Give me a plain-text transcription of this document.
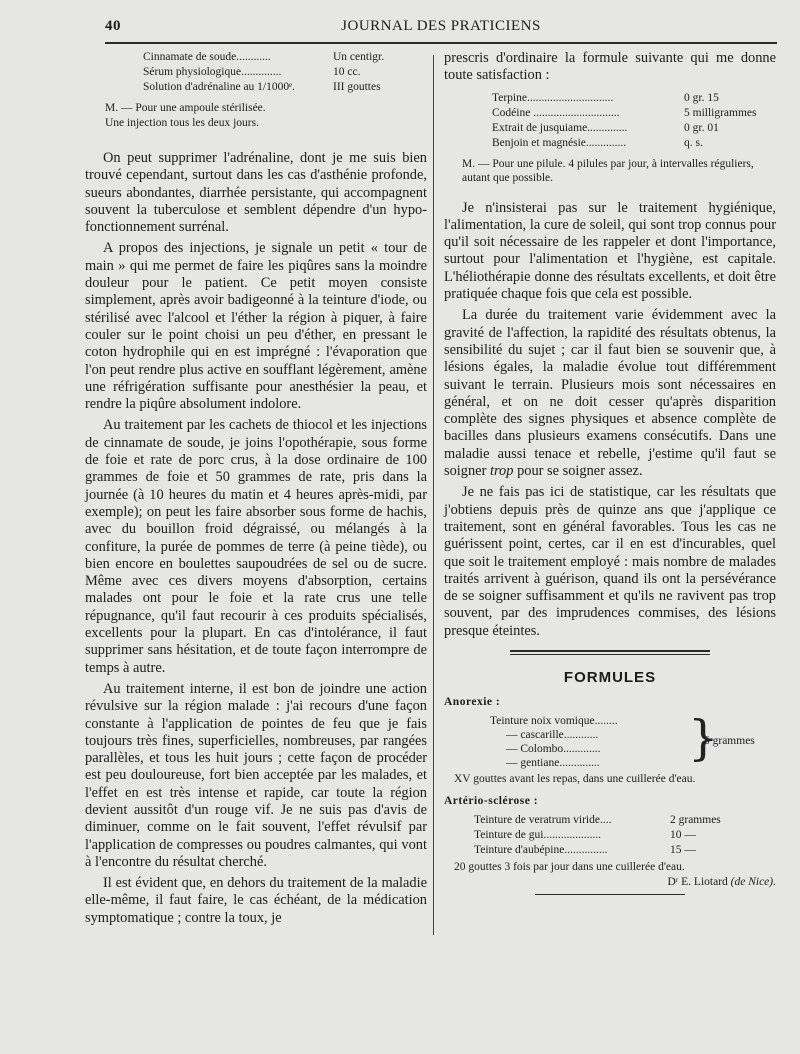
40	JOURNAL DES PRATICIENS
Cinnamate de soude............	Un centigr.
Sérum physiologique..............	10 cc.
Solution d'adrénaline au 1/1000ᵉ.	III gouttes

M. — Pour une ampoule stérilisée.

Une injection tous les deux jours.

On peut supprimer l'adrénaline, dont je me suis bien trouvé cependant, surtout dans les cas d'asthénie profonde, sueurs abondantes, diarrhée persistante, qui accompagnent souvent la tuberculose et semblent dépendre d'un hypo-fonctionnement surrénal.

A propos des injections, je signale un petit « tour de main » qui me permet de faire les piqûres sans la moindre douleur pour le patient. Ce petit moyen consiste simplement, après avoir badigeonné à la teinture d'iode, ou stérilisé avec l'alcool et l'éther la région à piquer, à faire couler sur le point choisi un peu d'éther, en pressant le coton hydrophile qui en est imprégné : l'évaporation que l'on peut rendre plus active en soufflant légèrement, amène une réfrigération suffisante pour anesthésier la peau, et rendre la piqûre absolument indolore.

Au traitement par les cachets de thiocol et les injections de cinnamate de soude, je joins l'opothérapie, sous forme de foie et rate de porc crus, à la dose ordinaire de 100 grammes de foie et 50 grammes de rate, pris dans la journée (à 10 heures du matin et 4 heures après-midi, par exemple); on peut les faire absorber sous forme de hachis, avec du bouillon froid dégraissé, ou mélangés à la confiture, la purée de pommes de terre (à peine tiède), ou bien encore en boulettes saupoudrées de sel ou de sucre. Même avec ces divers moyens d'absorption, certains malades ont pour le foie et la rate crus une telle répugnance, qu'il faut recourir à ces produits spécialisés, excellents pour la plupart. En cas d'intolérance, il faut supprimer sans hésitation, et de toute façon interrompre de temps à autre.

Au traitement interne, il est bon de joindre une action révulsive sur la région malade : j'ai recours d'une façon constante à l'application de pointes de feu que je fais toujours très fines, superficielles, nombreuses, par rangées parallèles, et tous les huit jours ; cette façon de procéder est peu douloureuse, fort bien acceptée par les malades, et l'effet en est très intense et rapide, car toute la région devient aussitôt d'un rouge vif. Je ne suis pas d'avis de diminuer, comme on le fait souvent, l'effet révulsif par l'application de compresses ou poudres calmantes, qui vont à l'encontre du résultat cherché.

Il est évident que, en dehors du traitement de la maladie elle-même, il faut faire, le cas échéant, de la médication symptomatique ; contre la toux, je

prescris d'ordinaire la formule suivante qui me donne toute satisfaction :

Terpine..............................	0 gr. 15
Codéine ..............................	5 milligrammes
Extrait de jusquiame..............	0 gr. 01
Benjoin et magnésie..............	q. s.

M. — Pour une pilule. 4 pilules par jour, à intervalles réguliers, autant que possible.

Je n'insisterai pas sur le traitement hygiénique, l'alimentation, la cure de soleil, qui sont trop connus pour qu'il soit nécessaire de les rappeler et dont l'importance, surtout pour l'alimentation et l'hygiène, est capitale. L'héliothérapie donne des résultats excellents, et doit être pratiquée chaque fois que cela est possible.

La durée du traitement varie évidemment avec la gravité de l'affection, la rapidité des résultats obtenus, la sensibilité du sujet ; car il faut bien se souvenir que, à lésions égales, la maladie évolue tout différemment suivant le terrain. Plusieurs mois sont nécessaires en général, et on ne doit cesser qu'après disparition complète des signes physiques et absence complète de bacilles dans plusieurs examens consécutifs. Dans une maladie aussi tenace et rebelle, j'estime qu'il faut se soigner trop pour se soigner assez.

Je ne fais pas ici de statistique, car les résultats que j'obtiens depuis près de quinze ans que j'applique ce traitement, sont en général favorables. Tous les cas ne guérissent point, certes, car il en est d'incurables, quel que soit le traitement employé : mais nombre de malades traités arrivent à guérison, quand ils ont la persévérance de se soigner suffisamment et qu'ils ne ravivent pas trop souvent, par des imprudences commises, des lésions presque éteintes.

FORMULES
Anorexie :
Teinture noix vomique........
— cascarille............
— Colombo.............
— gentiane.............. }
5 grammes

XV gouttes avant les repas, dans une cuillerée d'eau.

Artério-sclérose :
Teinture de veratrum viride....	2 grammes
Teinture de gui....................	10 —
Teinture d'aubépine...............	15 —

20 gouttes 3 fois par jour dans une cuillerée d'eau.

Dʳ E. Liotard (de Nice).
